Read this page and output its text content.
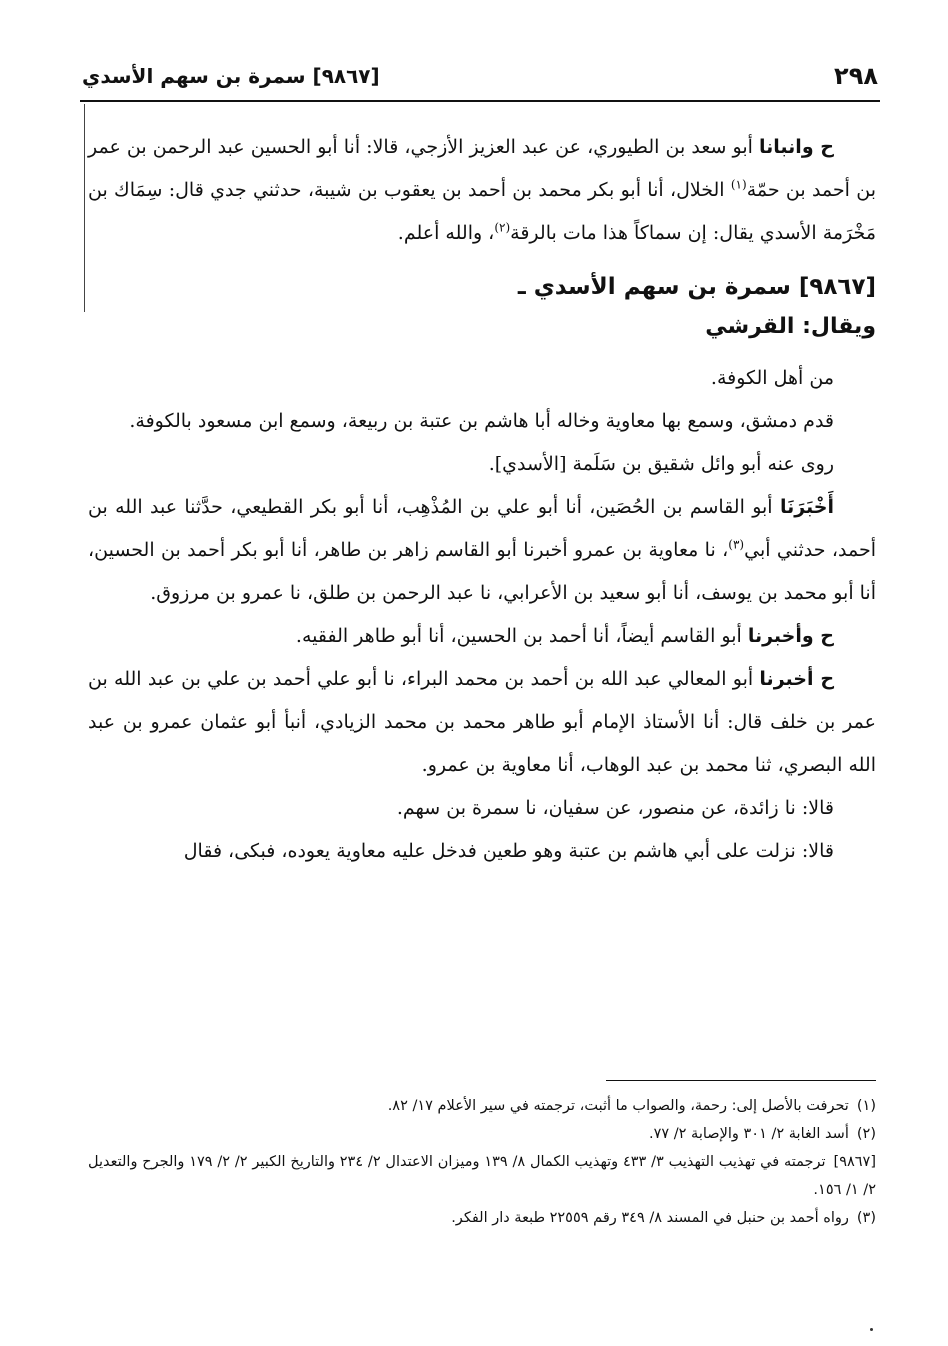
٢٩٨
[٩٨٦٧] سمرة بن سهم الأسدي

ح وانبانا أبو سعد بن الطيوري، عن عبد العزيز الأزجي، قالا: أنا أبو الحسين عبد الرحمن بن عمر بن أحمد بن حمّة$^{(١)}$ الخلال، أنا أبو بكر محمد بن أحمد بن يعقوب بن شيبة، حدثني جدي قال: سِمَاك بن مَخْرَمة الأسدي يقال: إن سماكاً هذا مات بالرقة$^{(٢)}$، والله أعلم.

[٩٨٦٧] سمرة بن سهم الأسدي ـ

ويقال: القرشي

من أهل الكوفة.

قدم دمشق، وسمع بها معاوية وخاله أبا هاشم بن عتبة بن ربيعة، وسمع ابن مسعود بالكوفة.

روى عنه أبو وائل شقيق بن سَلَمة [الأسدي].

أَخْبَرَنَا أبو القاسم بن الحُصَين، أنا أبو علي بن المُذْهِب، أنا أبو بكر القطيعي، حدَّثنا عبد الله بن أحمد، حدثني أبي$^{(٣)}$، نا معاوية بن عمرو أخبرنا أبو القاسم زاهر بن طاهر، أنا أبو بكر أحمد بن الحسين، أنا أبو محمد بن يوسف، أنا أبو سعيد بن الأعرابي، نا عبد الرحمن بن طلق، نا عمرو بن مرزوق.

ح وأخبرنا أبو القاسم أيضاً، أنا أحمد بن الحسين، أنا أبو طاهر الفقيه.

ح أخبرنا أبو المعالي عبد الله بن أحمد بن محمد البراء، نا أبو علي أحمد بن علي بن عبد الله بن عمر بن خلف قال: أنا الأستاذ الإمام أبو طاهر محمد بن محمد الزيادي، أنبأ أبو عثمان عمرو بن عبد الله البصري، ثنا محمد بن عبد الوهاب، أنا معاوية بن عمرو.

قالا: نا زائدة، عن منصور، عن سفيان، نا سمرة بن سهم.

قالا: نزلت على أبي هاشم بن عتبة وهو طعين فدخل عليه معاوية يعوده، فبكى، فقال

(١)تحرفت بالأصل إلى: رحمة، والصواب ما أثبت، ترجمته في سير الأعلام ١٧/ ٨٢.

(٢)أسد الغابة ٢/ ٣٠١ والإصابة ٢/ ٧٧.

[٩٨٦٧]ترجمته في تهذيب التهذيب ٣/ ٤٣٣ وتهذيب الكمال ٨/ ١٣٩ وميزان الاعتدال ٢/ ٢٣٤ والتاريخ الكبير ٢/ ٢/ ١٧٩ والجرح والتعديل ٢/ ١/ ١٥٦.

(٣)رواه أحمد بن حنبل في المسند ٨/ ٣٤٩ رقم ٢٢٥٥٩ طبعة دار الفكر.
